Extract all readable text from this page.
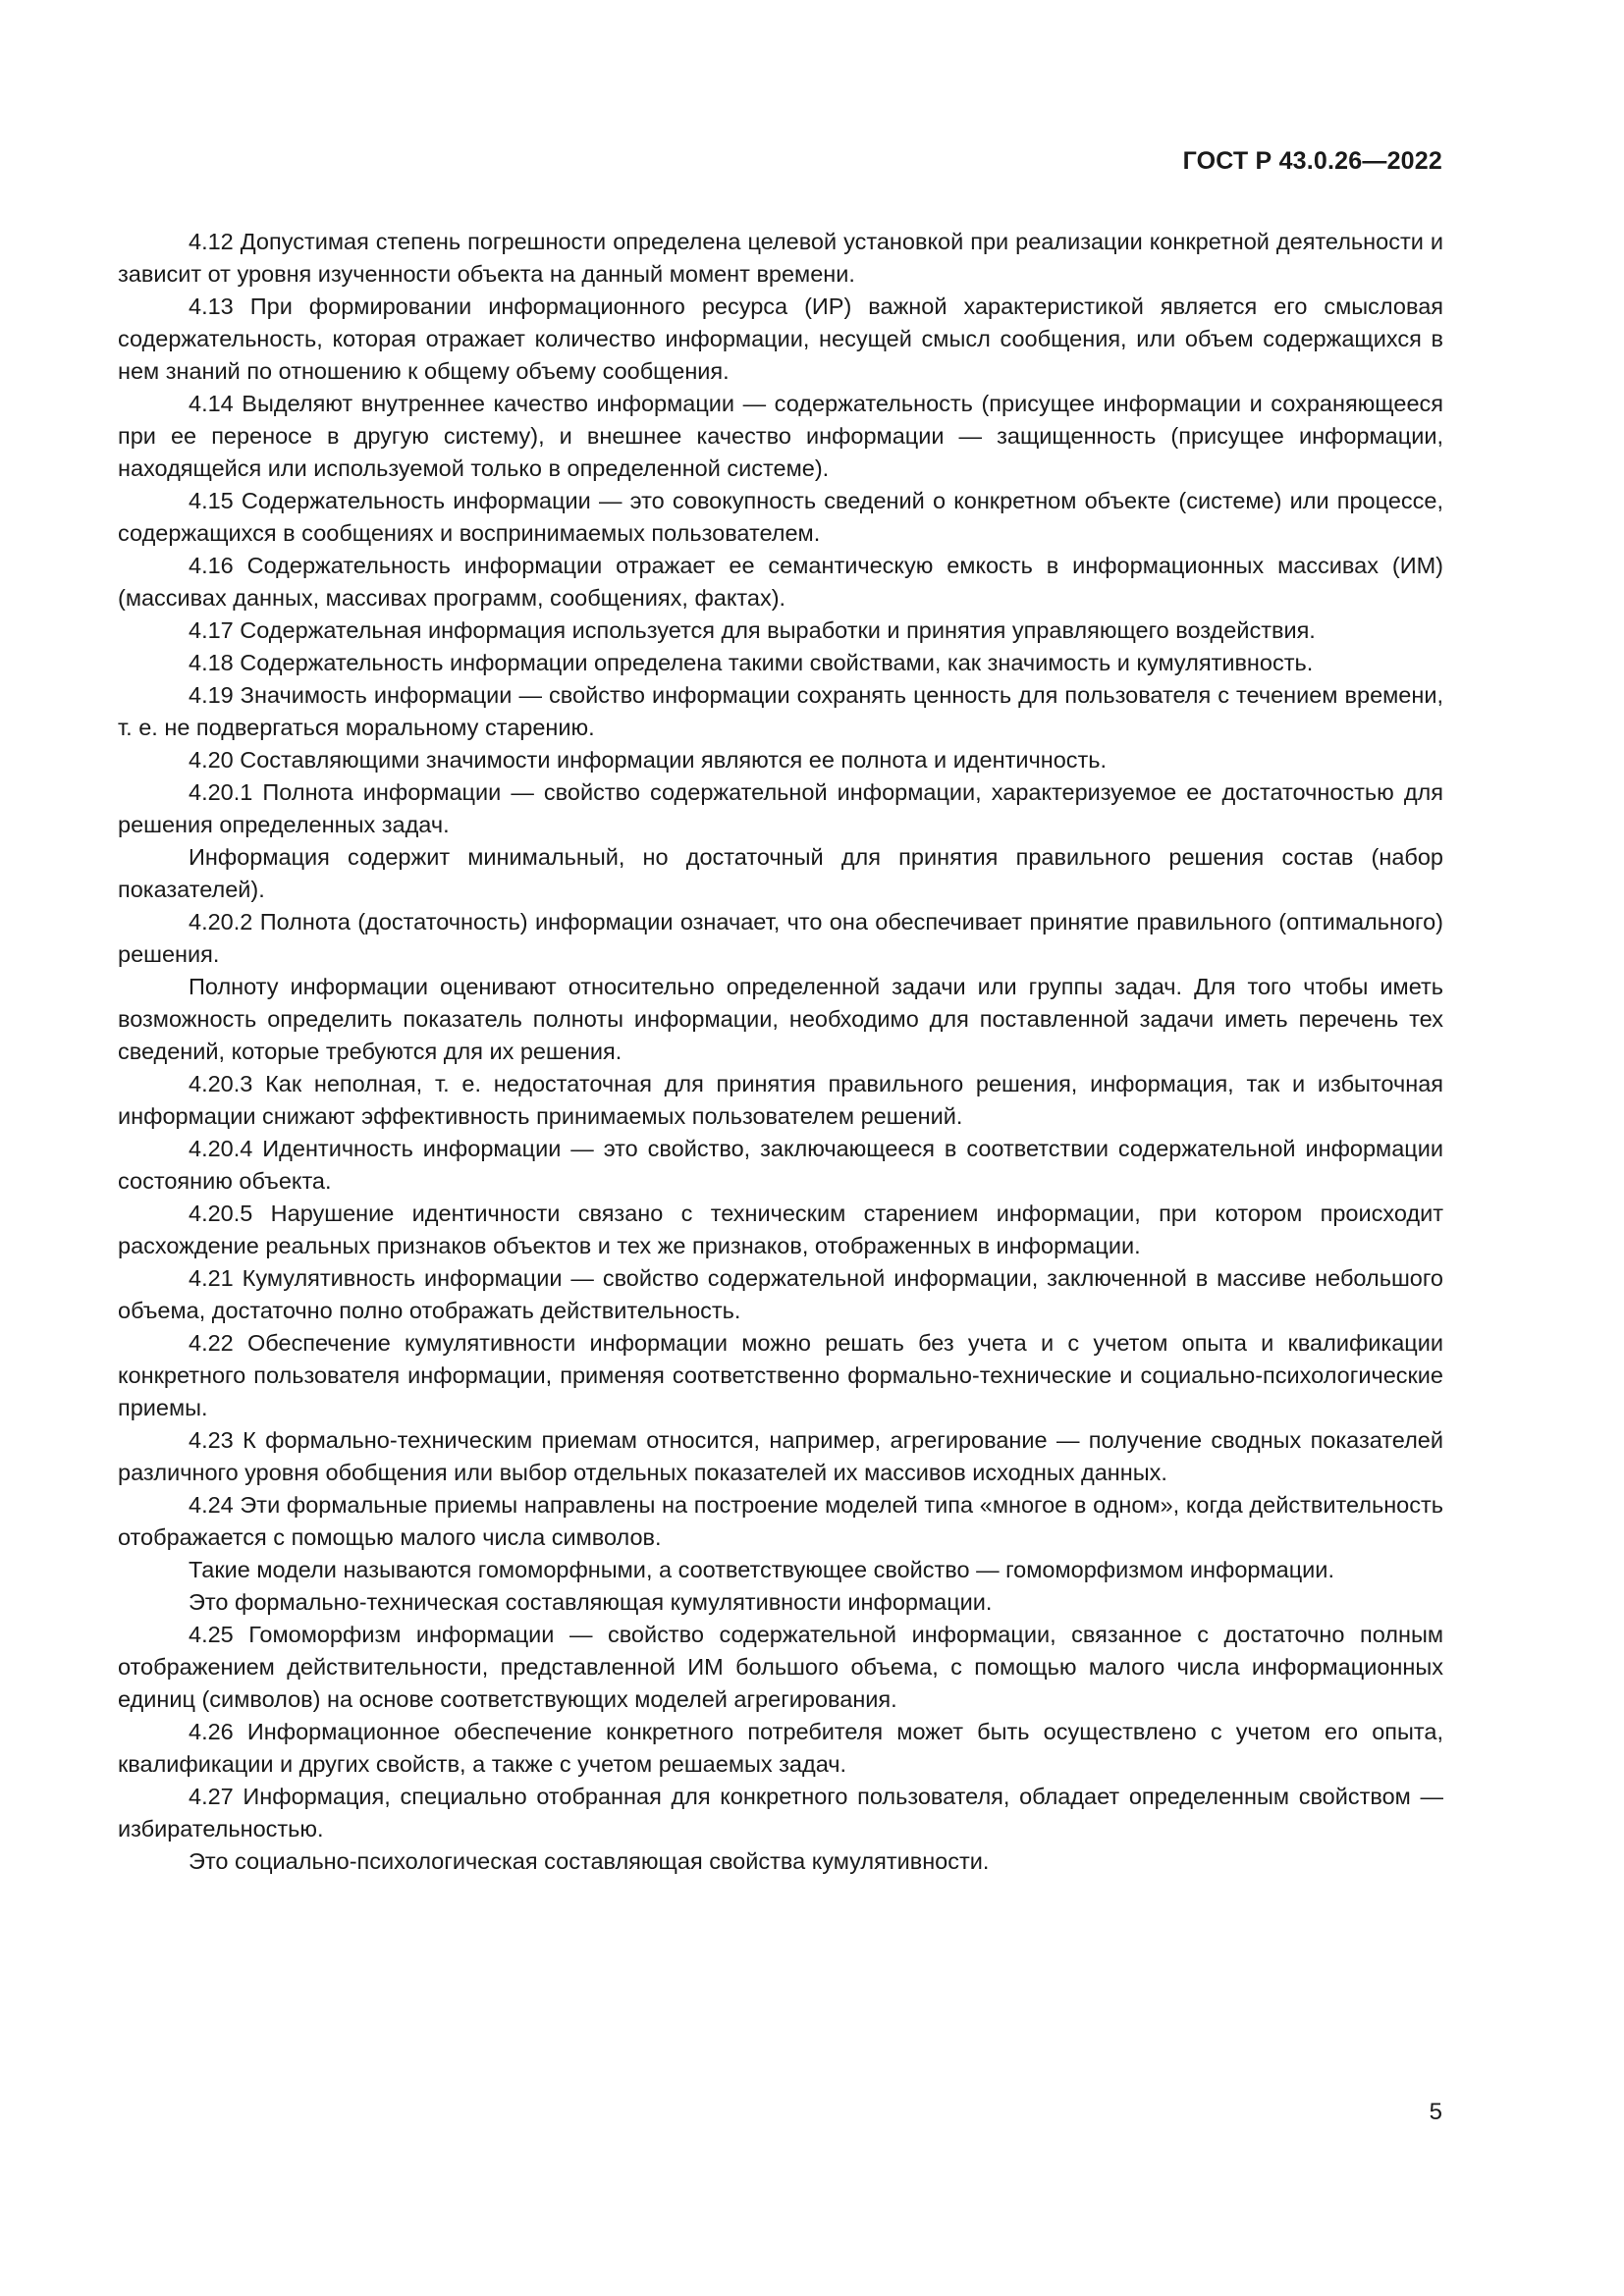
ГОСТ Р 43.0.26—2022

4.12 Допустимая степень погрешности определена целевой установкой при реализации конкретной деятельности и зависит от уровня изученности объекта на данный момент времени.

4.13 При формировании информационного ресурса (ИР) важной характеристикой является его смысловая содержательность, которая отражает количество информации, несущей смысл сообщения, или объем содержащихся в нем знаний по отношению к общему объему сообщения.

4.14 Выделяют внутреннее качество информации — содержательность (присущее информации и сохраняющееся при ее переносе в другую систему), и внешнее качество информации — защищенность (присущее информации, находящейся или используемой только в определенной системе).

4.15 Содержательность информации — это совокупность сведений о конкретном объекте (системе) или процессе, содержащихся в сообщениях и воспринимаемых пользователем.

4.16 Содержательность информации отражает ее семантическую емкость в информационных массивах (ИМ) (массивах данных, массивах программ, сообщениях, фактах).

4.17 Содержательная информация используется для выработки и принятия управляющего воздействия.

4.18 Содержательность информации определена такими свойствами, как значимость и кумулятивность.

4.19 Значимость информации — свойство информации сохранять ценность для пользователя с течением времени, т. е. не подвергаться моральному старению.

4.20 Составляющими значимости информации являются ее полнота и идентичность.

4.20.1 Полнота информации — свойство содержательной информации, характеризуемое ее достаточностью для решения определенных задач.

Информация содержит минимальный, но достаточный для принятия правильного решения состав (набор показателей).

4.20.2 Полнота (достаточность) информации означает, что она обеспечивает принятие правильного (оптимального) решения.

Полноту информации оценивают относительно определенной задачи или группы задач. Для того чтобы иметь возможность определить показатель полноты информации, необходимо для поставленной задачи иметь перечень тех сведений, которые требуются для их решения.

4.20.3 Как неполная, т. е. недостаточная для принятия правильного решения, информация, так и избыточная информации снижают эффективность принимаемых пользователем решений.

4.20.4 Идентичность информации — это свойство, заключающееся в соответствии содержательной информации состоянию объекта.

4.20.5 Нарушение идентичности связано с техническим старением информации, при котором происходит расхождение реальных признаков объектов и тех же признаков, отображенных в информации.

4.21 Кумулятивность информации — свойство содержательной информации, заключенной в массиве небольшого объема, достаточно полно отображать действительность.

4.22 Обеспечение кумулятивности информации можно решать без учета и с учетом опыта и квалификации конкретного пользователя информации, применяя соответственно формально-технические и социально-психологические приемы.

4.23 К формально-техническим приемам относится, например, агрегирование — получение сводных показателей различного уровня обобщения или выбор отдельных показателей их массивов исходных данных.

4.24 Эти формальные приемы направлены на построение моделей типа «многое в одном», когда действительность отображается с помощью малого числа символов.

Такие модели называются гомоморфными, а соответствующее свойство — гомоморфизмом информации.

Это формально-техническая составляющая кумулятивности информации.

4.25 Гомоморфизм информации — свойство содержательной информации, связанное с достаточно полным отображением действительности, представленной ИМ большого объема, с помощью малого числа информационных единиц (символов) на основе соответствующих моделей агрегирования.

4.26 Информационное обеспечение конкретного потребителя может быть осуществлено с учетом его опыта, квалификации и других свойств, а также с учетом решаемых задач.

4.27 Информация, специально отобранная для конкретного пользователя, обладает определенным свойством — избирательностью.

Это социально-психологическая составляющая свойства кумулятивности.

5
